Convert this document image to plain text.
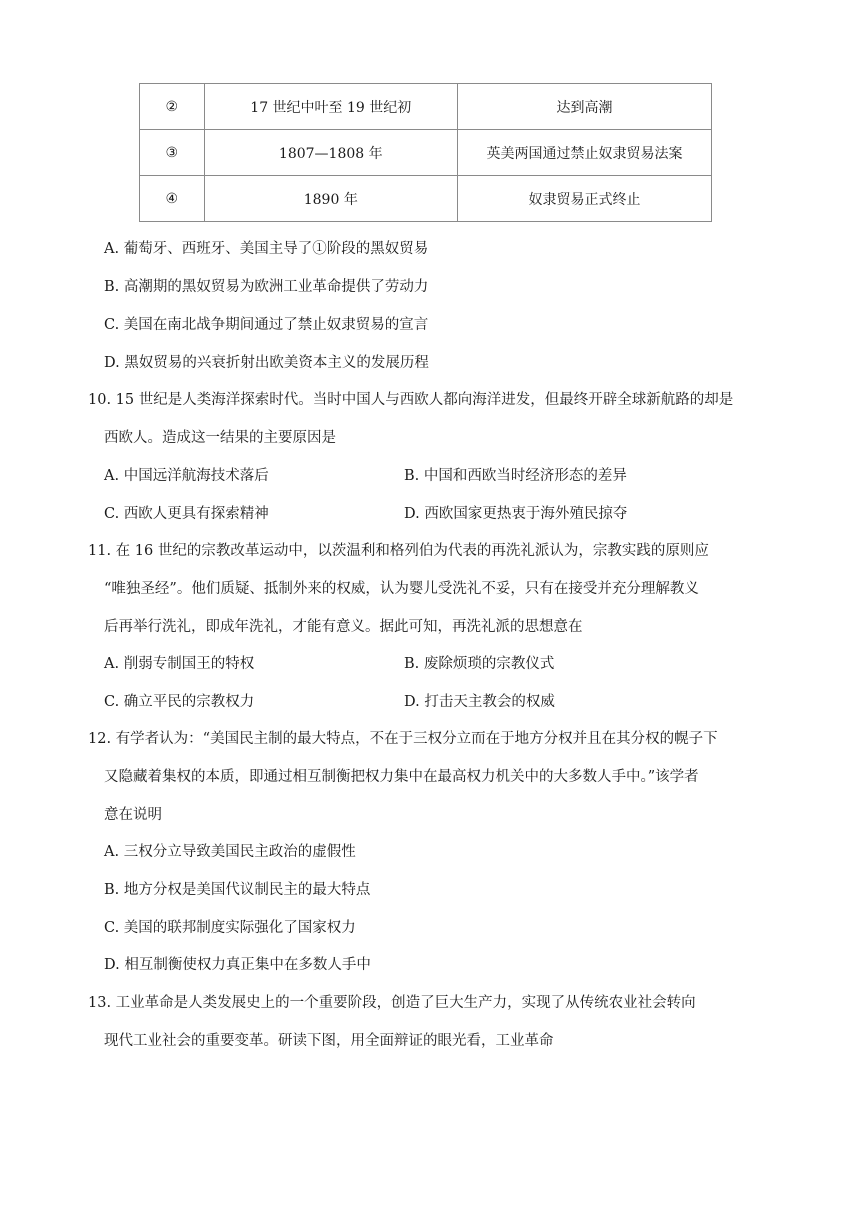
②	17 世纪中叶至 19 世纪初	达到高潮
③	1807—1808 年	英美两国通过禁止奴隶贸易法案
④	1890 年	奴隶贸易正式终止
A. 葡萄牙、西班牙、美国主导了①阶段的黑奴贸易
B. 高潮期的黑奴贸易为欧洲工业革命提供了劳动力
C. 美国在南北战争期间通过了禁止奴隶贸易的宣言
D. 黑奴贸易的兴衰折射出欧美资本主义的发展历程
10. 15 世纪是人类海洋探索时代。当时中国人与西欧人都向海洋进发，但最终开辟全球新航路的却是
西欧人。造成这一结果的主要原因是
A. 中国远洋航海技术落后	B. 中国和西欧当时经济形态的差异
C. 西欧人更具有探索精神	D. 西欧国家更热衷于海外殖民掠夺
11. 在 16 世纪的宗教改革运动中，以茨温利和格列伯为代表的再洗礼派认为，宗教实践的原则应
“唯独圣经”。他们质疑、抵制外来的权威，认为婴儿受洗礼不妥，只有在接受并充分理解教义
后再举行洗礼，即成年洗礼，才能有意义。据此可知，再洗礼派的思想意在
A. 削弱专制国王的特权	B. 废除烦琐的宗教仪式
C. 确立平民的宗教权力	D. 打击天主教会的权威
12. 有学者认为：“美国民主制的最大特点，不在于三权分立而在于地方分权并且在其分权的幌子下
又隐藏着集权的本质，即通过相互制衡把权力集中在最高权力机关中的大多数人手中。”该学者
意在说明
A. 三权分立导致美国民主政治的虚假性
B. 地方分权是美国代议制民主的最大特点
C. 美国的联邦制度实际强化了国家权力
D. 相互制衡使权力真正集中在多数人手中
13. 工业革命是人类发展史上的一个重要阶段，创造了巨大生产力，实现了从传统农业社会转向
现代工业社会的重要变革。研读下图，用全面辩证的眼光看，工业革命
